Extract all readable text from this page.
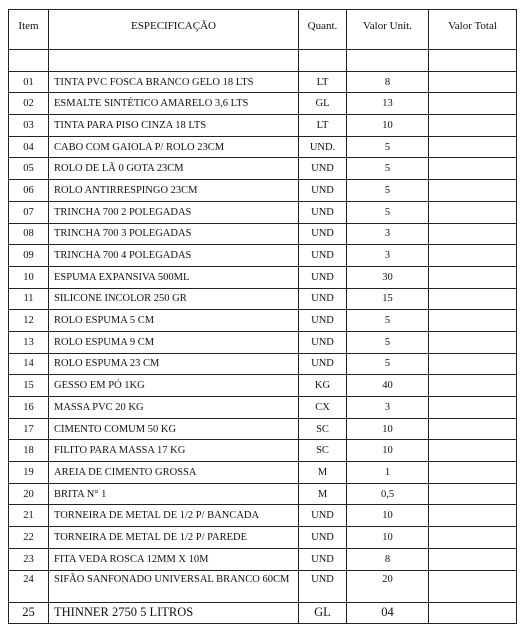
Item	ESPECIFICAÇÃO	Quant.	Valor Unit.	Valor Total

01	TINTA PVC FOSCA BRANCO GELO 18 LTS	LT	8	
02	ESMALTE SINTÉTICO AMARELO 3,6 LTS	GL	13	
03	TINTA PARA PISO CINZA 18 LTS	LT	10	
04	CABO COM GAIOLA P/ ROLO 23CM	UND.	5	
05	ROLO DE LÃ 0 GOTA 23CM	UND	5	
06	ROLO ANTIRRESPINGO 23CM	UND	5	
07	TRINCHA 700 2 POLEGADAS	UND	5	
08	TRINCHA 700 3 POLEGADAS	UND	3	
09	TRINCHA 700 4 POLEGADAS	UND	3	
10	ESPUMA EXPANSIVA 500ML	UND	30	
11	SILICONE INCOLOR 250 GR	UND	15	
12	ROLO ESPUMA 5 CM	UND	5	
13	ROLO ESPUMA 9 CM	UND	5	
14	ROLO ESPUMA 23 CM	UND	5	
15	GESSO EM PÓ 1KG	KG	40	
16	MASSA PVC 20 KG	CX	3	
17	CIMENTO COMUM 50 KG	SC	10	
18	FILITO PARA MASSA 17 KG	SC	10	
19	AREIA DE CIMENTO GROSSA	M	1	
20	BRITA N° 1	M	0,5	
21	TORNEIRA DE METAL DE 1/2 P/ BANCADA	UND	10	
22	TORNEIRA DE METAL DE 1/2 P/ PAREDE	UND	10	
23	FITA VEDA ROSCA 12MM X 10M	UND	8	
24	SIFÃO SANFONADO UNIVERSAL BRANCO 60CM	UND	20	
25	THINNER 2750 5 LITROS	GL	04	
